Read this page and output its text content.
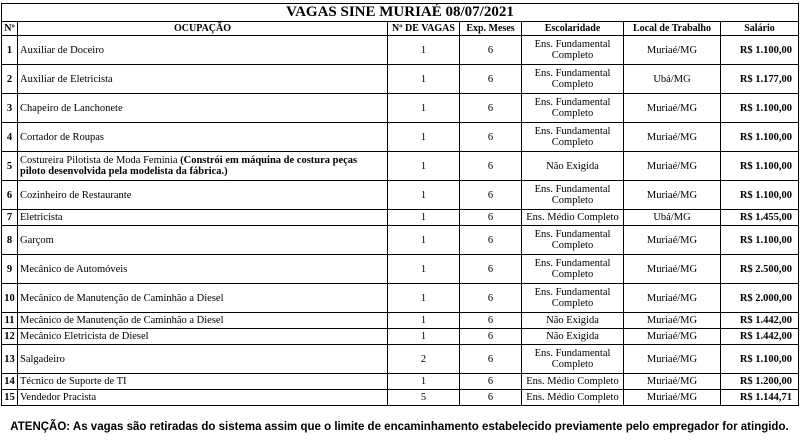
VAGAS SINE MURIAÉ 08/07/2021						
Nº	OCUPAÇÃO	Nº DE VAGAS	Exp. Meses	Escolaridade	Local de Trabalho	Salário
1	Auxiliar de Doceiro	1	6	Ens. Fundamental Completo	Muriaé/MG	R$ 1.100,00
2	Auxiliar de Eletricista	1	6	Ens. Fundamental Completo	Ubá/MG	R$ 1.177,00
3	Chapeiro de Lanchonete	1	6	Ens. Fundamental Completo	Muriaé/MG	R$ 1.100,00
4	Cortador de Roupas	1	6	Ens. Fundamental Completo	Muriaé/MG	R$ 1.100,00
5	Costureira Pilotista de Moda Feminia (Constrói em máquina de costura peças piloto desenvolvida pela modelista da fábrica.)	1	6	Não Exigida	Muriaé/MG	R$ 1.100,00
6	Cozinheiro de Restaurante	1	6	Ens. Fundamental Completo	Muriaé/MG	R$ 1.100,00
7	Eletricista	1	6	Ens. Médio Completo	Ubá/MG	R$ 1.455,00
8	Garçom	1	6	Ens. Fundamental Completo	Muriaé/MG	R$ 1.100,00
9	Mecânico de Automóveis	1	6	Ens. Fundamental Completo	Muriaé/MG	R$ 2.500,00
10	Mecânico de Manutenção de Caminhão a Diesel	1	6	Ens. Fundamental Completo	Muriaé/MG	R$ 2.000,00
11	Mecânico de Manutenção de Caminhão a Diesel	1	6	Não Exigida	Muriaé/MG	R$ 1.442,00
12	Mecânico Eletricista de Diesel	1	6	Não Exigida	Muriaé/MG	R$ 1.442,00
13	Salgadeiro	2	6	Ens. Fundamental Completo	Muriaé/MG	R$ 1.100,00
14	Técnico de Suporte de TI	1	6	Ens. Médio Completo	Muriaé/MG	R$ 1.200,00
15	Vendedor Pracista	5	6	Ens. Médio Completo	Muriaé/MG	R$ 1.144,71
ATENÇÃO: As vagas são retiradas do sistema assim que o limite de encaminhamento estabelecido previamente pelo empregador for atingido.
